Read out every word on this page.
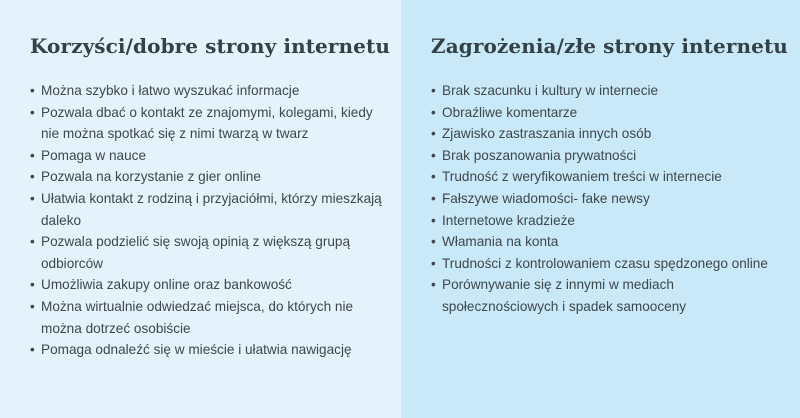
Korzyści/dobre strony internetu
• Można szybko i łatwo wyszukać informacje
• Pozwala dbać o kontakt ze znajomymi, kolegami, kiedy nie można spotkać się z nimi twarzą w twarz
• Pomaga w nauce
• Pozwala na korzystanie z gier online
• Ułatwia kontakt z rodziną i przyjaciółmi, którzy mieszkają daleko
• Pozwala podzielić się swoją opinią z większą grupą odbiorców
• Umożliwia zakupy online oraz bankowość
• Można wirtualnie odwiedzać miejsca, do których nie można dotrzeć osobiście
• Pomaga odnaleźć się w mieście i ułatwia nawigację
Zagrożenia/złe strony internetu
• Brak szacunku i kultury w internecie
• Obraźliwe komentarze
• Zjawisko zastraszania innych osób
• Brak poszanowania prywatności
• Trudność z weryfikowaniem treści w internecie
• Fałszywe wiadomości- fake newsy
• Internetowe kradzieże
• Włamania na konta
• Trudności z kontrolowaniem czasu spędzonego online
• Porównywanie się z innymi w mediach społecznościowych i spadek samooceny
